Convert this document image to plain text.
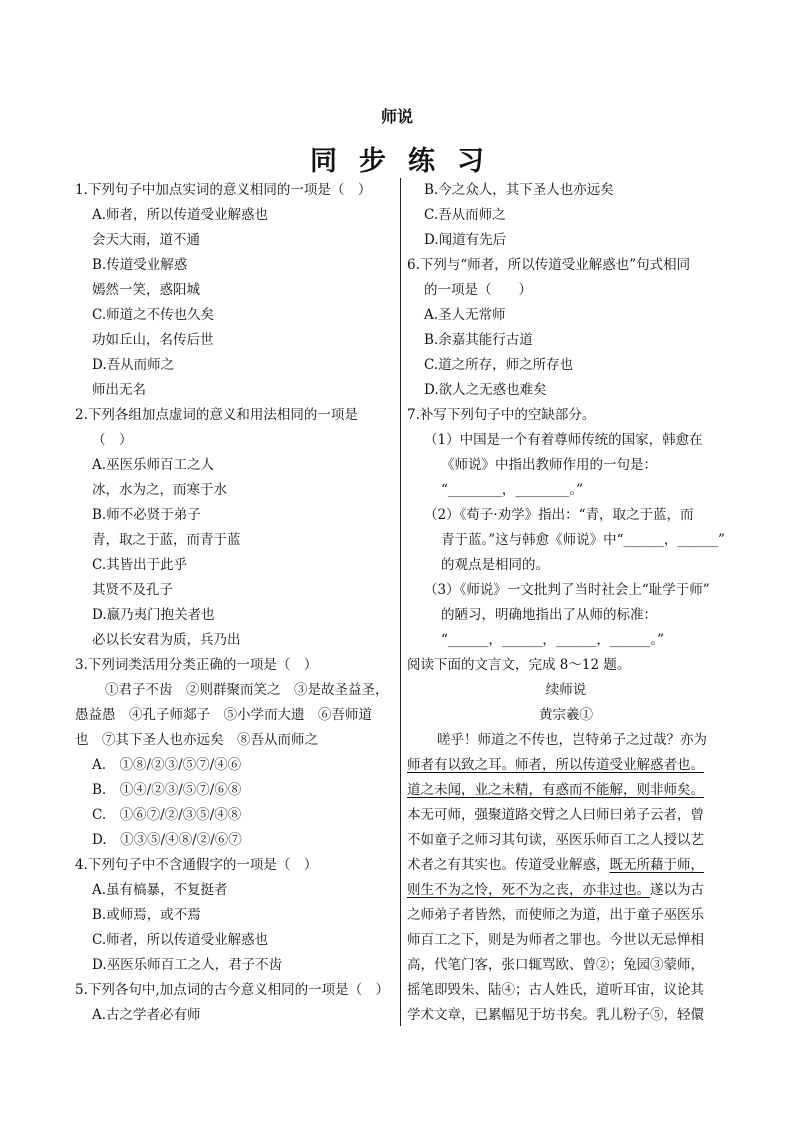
师说
同步练习
1.下列句子中加点实词的意义相同的一项是（　）
A.师者，所以传道受业解惑也
会天大雨，道不通
B.传道受业解惑
嫣然一笑，惑阳城
C.师道之不传也久矣
功如丘山，名传后世
D.吾从而师之
师出无名
2.下列各组加点虚词的意义和用法相同的一项是
（　）
A.巫医乐师百工之人
冰，水为之，而寒于水
B.师不必贤于弟子
青，取之于蓝，而青于蓝
C.其皆出于此乎
其贤不及孔子
D.嬴乃夷门抱关者也
必以长安君为质，兵乃出
3.下列词类活用分类正确的一项是（　）
①君子不齿　②则群聚而笑之　③是故圣益圣，
愚益愚　④孔子师郯子　⑤小学而大遗　⑥吾师道
也　⑦其下圣人也亦远矣　⑧吾从而师之
A.　①⑧/②③/⑤⑦/④⑥
B.　①④/②③/⑤⑦/⑥⑧
C.　①⑥⑦/②/③⑤/④⑧
D.　①③⑤/④⑧/②/⑥⑦
4.下列句子中不含通假字的一项是（　）
A.虽有槁暴，不复挺者
B.或师焉，或不焉
C.师者，所以传道受业解惑也
D.巫医乐师百工之人，君子不齿
5.下列各句中,加点词的古今意义相同的一项是（　）
A.古之学者必有师
B.今之众人，其下圣人也亦远矣
C.吾从而师之
D.闻道有先后
6.下列与“师者，所以传道受业解惑也”句式相同
的一项是（　　）
A.圣人无常师
B.余嘉其能行古道
C.道之所存，师之所存也
D.欲人之无惑也难矣
7.补写下列句子中的空缺部分。
（1）中国是一个有着尊师传统的国家，韩愈在
《师说》中指出教师作用的一句是：
“________，________。”
（2）《荀子·劝学》指出：“青，取之于蓝，而
青于蓝。”这与韩愈《师说》中“______，______”
的观点是相同的。
（3）《师说》一文批判了当时社会上“耻学于师”
的陋习，明确地指出了从师的标准：
“______，______，______，______。”
阅读下面的文言文，完成 8～12 题。
续师说
黄宗羲①
嗟乎！师道之不传也，岂特弟子之过哉？亦为
师者有以致之耳。师者，所以传道受业解惑者也。
道之未闻，业之未精，有惑而不能解，则非师矣。
本无可师，强聚道路交臂之人曰师曰弟子云者，曾
不如童子之师习其句读，巫医乐师百工之人授以艺
术者之有其实也。传道受业解惑，既无所藉于师，
则生不为之怜，死不为之丧，亦非过也。遂以为古
之师弟子者皆然，而使师之为道，出于童子巫医乐
师百工之下，则是为师者之罪也。今世以无忌惮相
高，代笔门客，张口辄骂欧、曾②；兔园③蒙师，
摇笔即毁朱、陆④；古人姓氏，道听耳宙，议论其
学术文章，已累幅见于坊书矣。乳儿粉子⑤，轻儇
